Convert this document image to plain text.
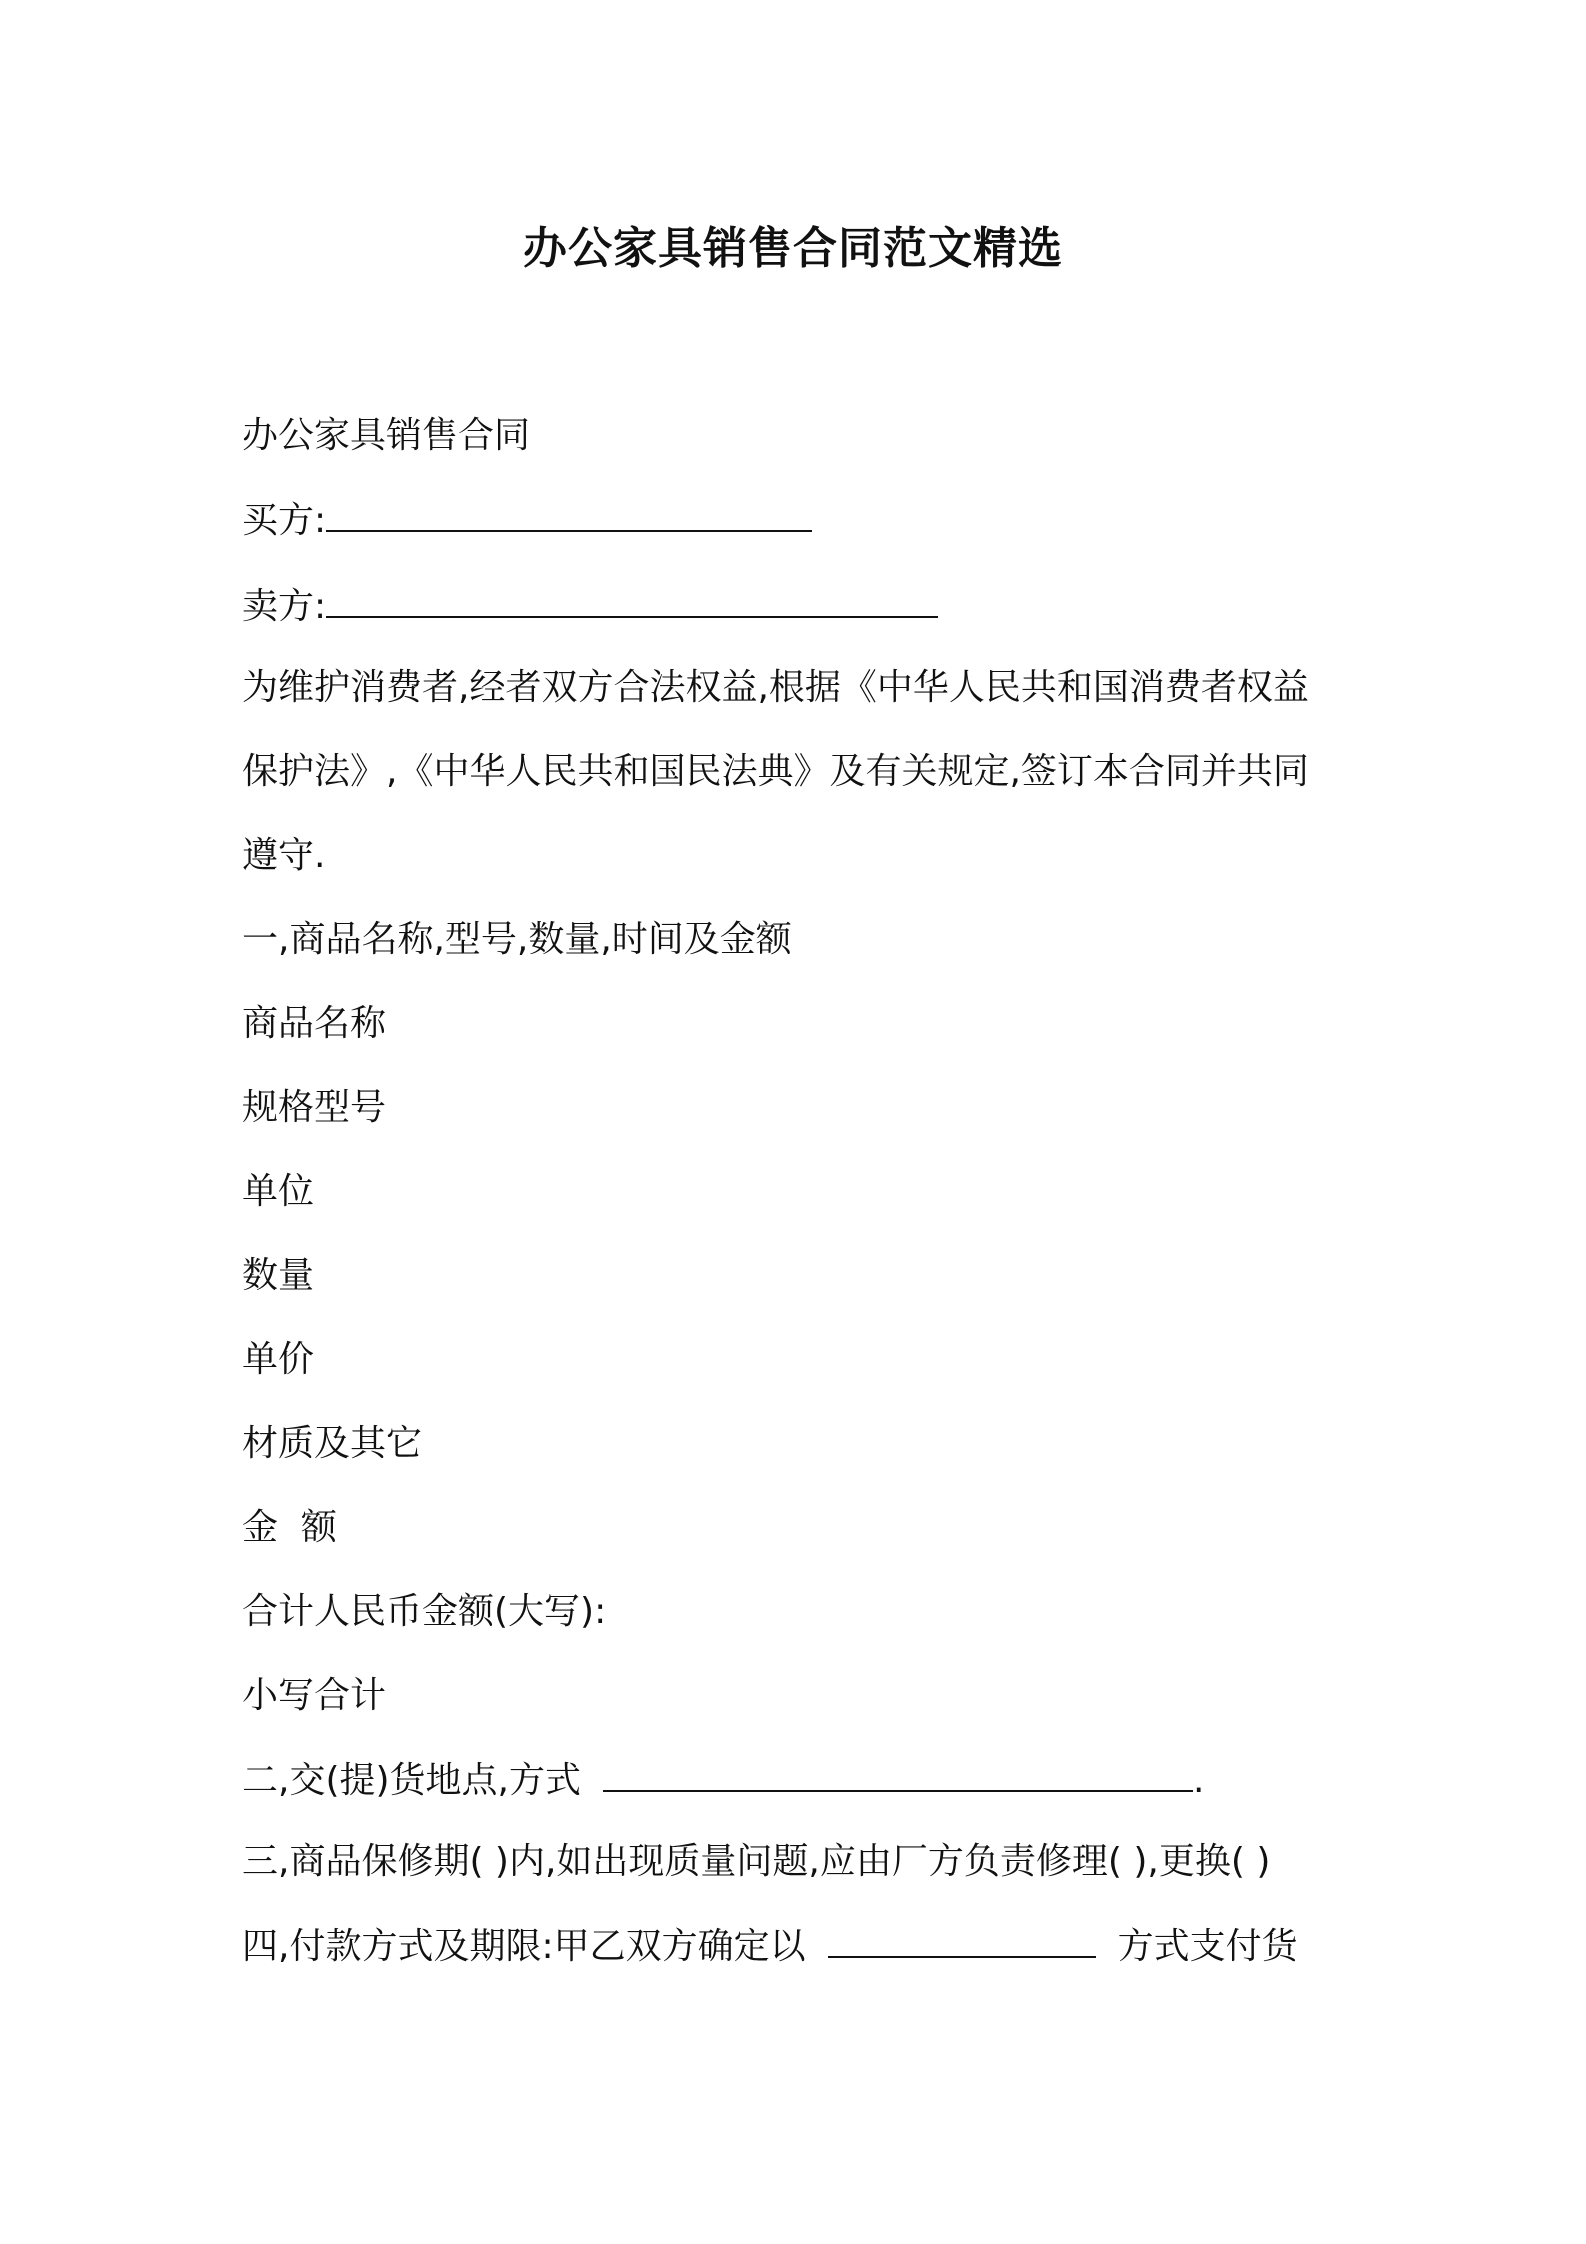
办公家具销售合同范文精选
办公家具销售合同
买方:
卖方:
为维护消费者,经者双方合法权益,根据《中华人民共和国消费者权益
保护法》,《中华人民共和国民法典》及有关规定,签订本合同并共同
遵守.
一,商品名称,型号,数量,时间及金额
商品名称
规格型号
单位
数量
单价
材质及其它
金  额
合计人民币金额(大写):
小写合计
二,交(提)货地点,方式	.
三,商品保修期( )内,如出现质量问题,应由厂方负责修理( ),更换( )
四,付款方式及期限:甲乙双方确定以	方式支付货
